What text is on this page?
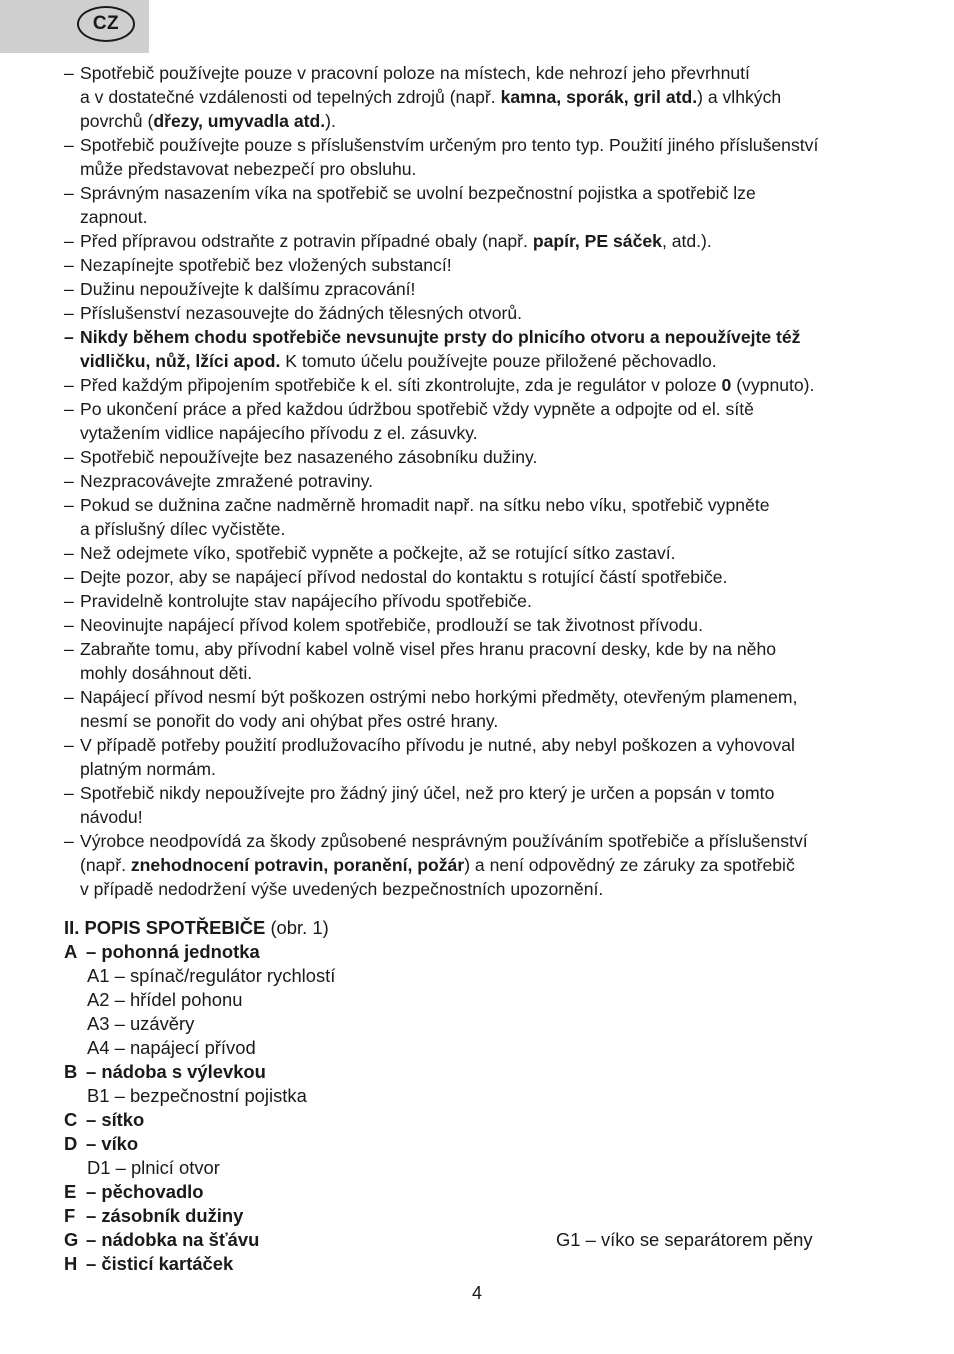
CZ
– Spotřebič používejte pouze v pracovní poloze na místech, kde nehrozí jeho převrhnutí
a v dostatečné vzdálenosti od tepelných zdrojů (např. kamna, sporák, gril atd.) a vlhkých
povrchů (dřezy, umyvadla atd.).
– Spotřebič používejte pouze s příslušenstvím určeným pro tento typ. Použití jiného příslušenství
může představovat nebezpečí pro obsluhu.
– Správným nasazením víka na spotřebič se uvolní bezpečnostní pojistka a spotřebič lze
zapnout.
– Před přípravou odstraňte z potravin případné obaly (např. papír, PE sáček, atd.).
– Nezapínejte spotřebič bez vložených substancí!
– Dužinu nepoužívejte k dalšímu zpracování!
– Příslušenství nezasouvejte do žádných tělesných otvorů.
– Nikdy během chodu spotřebiče nevsunujte prsty do plnicího otvoru a nepoužívejte též
vidličku, nůž, lžíci apod. K tomuto účelu používejte pouze přiložené pěchovadlo.
– Před každým připojením spotřebiče k el. síti zkontrolujte, zda je regulátor v poloze 0 (vypnuto).
– Po ukončení práce a před každou údržbou spotřebič vždy vypněte a odpojte od el. sítě
vytažením vidlice napájecího přívodu z el. zásuvky.
– Spotřebič nepoužívejte bez nasazeného zásobníku dužiny.
– Nezpracovávejte zmražené potraviny.
– Pokud se dužnina začne nadměrně hromadit např. na sítku nebo víku, spotřebič vypněte
a příslušný dílec vyčistěte.
– Než odejmete víko, spotřebič vypněte a počkejte, až se rotující sítko zastaví.
– Dejte pozor, aby se napájecí přívod nedostal do kontaktu s rotující částí spotřebiče.
– Pravidelně kontrolujte stav napájecího přívodu spotřebiče.
– Neovinujte napájecí přívod kolem spotřebiče, prodlouží se tak životnost přívodu.
– Zabraňte tomu, aby přívodní kabel volně visel přes hranu pracovní desky, kde by na něho
mohly dosáhnout děti.
– Napájecí přívod nesmí být poškozen ostrými nebo horkými předměty, otevřeným plamenem,
nesmí se ponořit do vody ani ohýbat přes ostré hrany.
– V případě potřeby použití prodlužovacího přívodu je nutné, aby nebyl poškozen a vyhovoval
platným normám.
– Spotřebič nikdy nepoužívejte pro žádný jiný účel, než pro který je určen a popsán v tomto
návodu!
– Výrobce neodpovídá za škody způsobené nesprávným používáním spotřebiče a příslušenství
(např. znehodnocení potravin, poranění, požár) a není odpovědný ze záruky za spotřebič
v případě nedodržení výše uvedených bezpečnostních upozornění.
II. POPIS SPOTŘEBIČE (obr. 1)
A – pohonná jednotka
A1 – spínač/regulátor rychlostí
A2 – hřídel pohonu
A3 – uzávěry
A4 – napájecí přívod
B – nádoba s výlevkou
B1 – bezpečnostní pojistka
C – sítko
D – víko
D1 – plnicí otvor
E – pěchovadlo
F – zásobník dužiny
G – nádobka na šťávu	G1 – víko se separátorem pěny
H – čisticí kartáček
4
